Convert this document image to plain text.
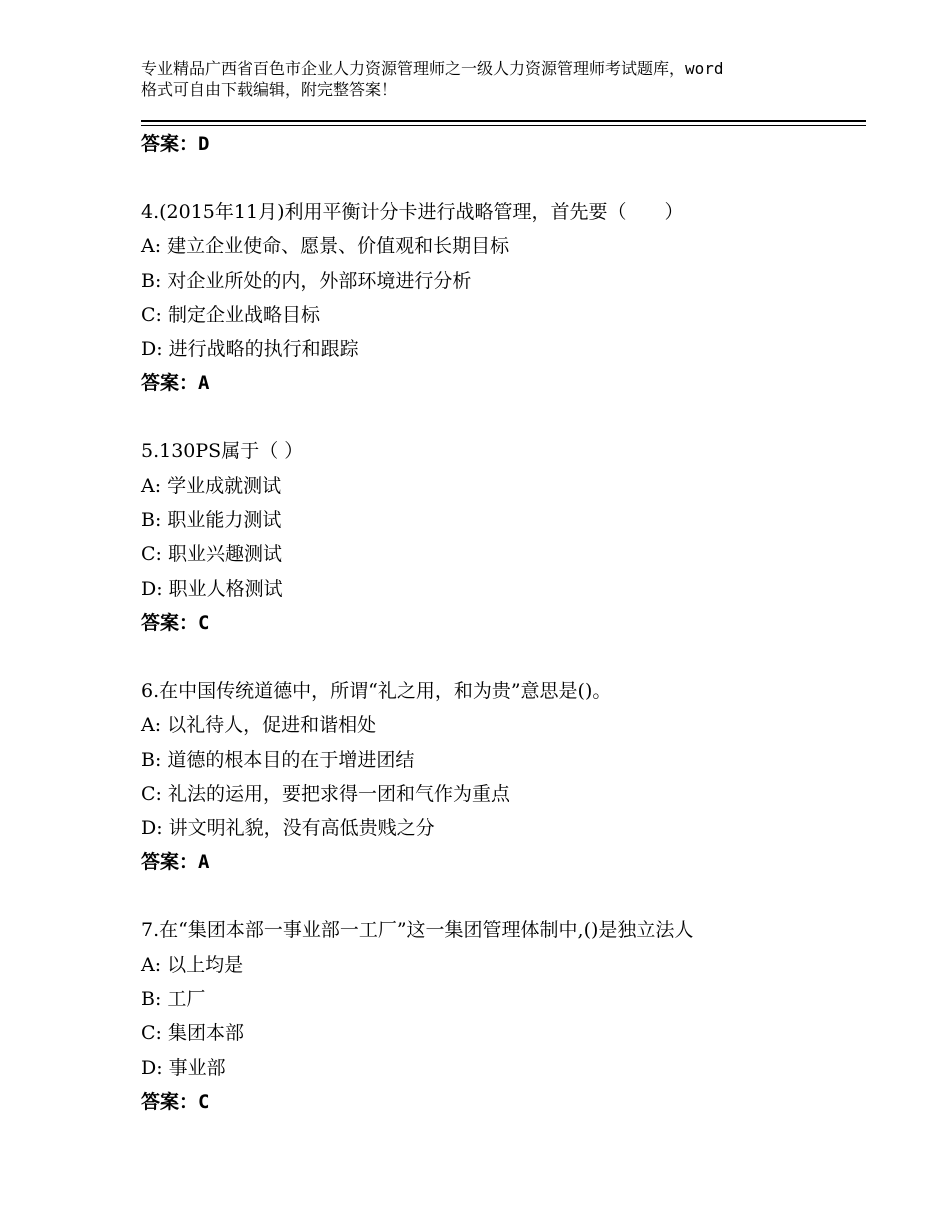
专业精品广西省百色市企业人力资源管理师之一级人力资源管理师考试题库，word
格式可自由下载编辑，附完整答案！
答案：D
4.(2015年11月)利用平衡计分卡进行战略管理，首先要（　　）
A: 建立企业使命、愿景、价值观和长期目标
B: 对企业所处的内，外部环境进行分析
C: 制定企业战略目标
D: 进行战略的执行和跟踪
答案：A
5.130PS属于（ ）
A: 学业成就测试
B: 职业能力测试
C: 职业兴趣测试
D: 职业人格测试
答案：C
6.在中国传统道德中，所谓“礼之用，和为贵”意思是()。
A: 以礼待人，促进和谐相处
B: 道德的根本目的在于增进团结
C: 礼法的运用，要把求得一团和气作为重点
D: 讲文明礼貌，没有高低贵贱之分
答案：A
7.在“集团本部一事业部一工厂”这一集团管理体制中,()是独立法人
A: 以上均是
B: 工厂
C: 集团本部
D: 事业部
答案：C
